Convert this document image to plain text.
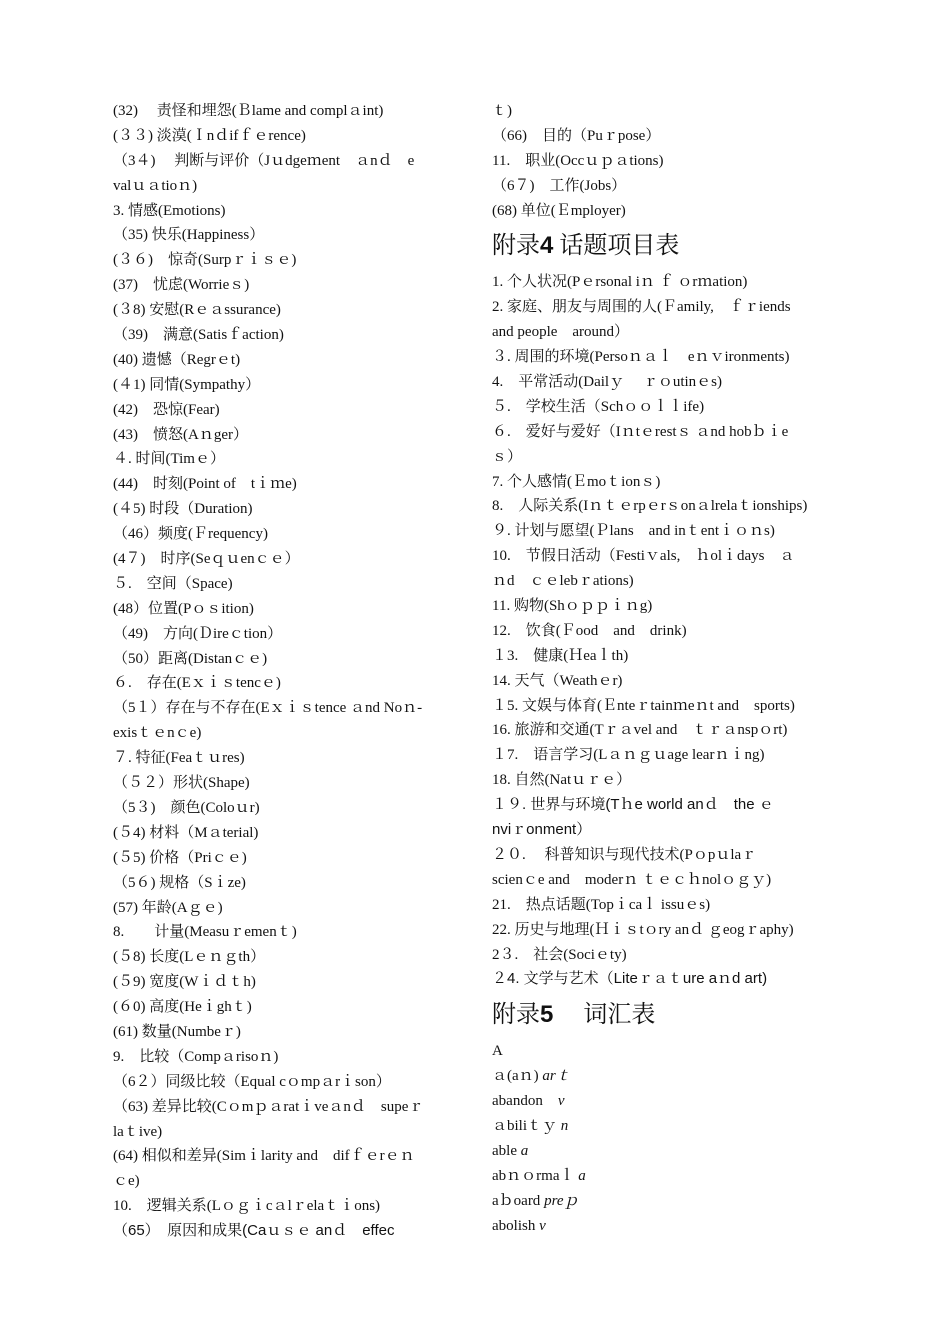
(32)　 责怪和埋怨(Ｂlame and complａint)
(３３) 淡漠(Ｉnｄifｆｅrence)
（3４) 　判断与评价（Jｕdgeｍent　ａnｄ　e
valｕａtioｎ)
3. 情感(Emotions)
（35) 快乐(Happiness）
(３６)　惊奇(Surpｒｉｓｅ)
(37)　忧虑(Worrieｓ)
(３8) 安慰(Rｅａssurance)
（39)　满意(Satisｆaction)
(40) 遗憾（Regrｅt)
(４1) 同情(Sympathy）
(42)　恐惊(Fear)
(43)　愤怒(Aｎger）
４. 时间(Timｅ）
(44)　时刻(Point of　tｉｍe)
(４5) 时段（Duration)
（46）频度(Ｆrequency)
(4７)　时序(Seｑｕenｃｅ）
５.　空间（Space)
(48）位置(Pｏｓition)
（49)　方向(Ｄireｃtion）
（50）距离(Distanｃｅ)
６.　存在(Eｘｉｓtencｅ)
（5１）存在与不存在(Eｘｉｓtence ａnd Noｎ-
exisｔｅnｃe)
７. 特征(Feaｔｕres)
（５２）形状(Shape)
（5３)　颜色(Coloｕr)
(５4) 材料（Mａterial)
(５5) 价格（Priｃｅ)
（5６) 规格（Sｉze)
(57) 年龄(Aｇｅ)
8.　　计量(Measuｒemenｔ)
(５8) 长度(Lｅｎｇth）
(５9) 宽度(Wｉｄｔh)
(６0) 高度(Heｉghｔ)
(61) 数量(Numbeｒ)
9.　比较（Compａrisoｎ)
（6２）同级比较（Equal cｏmpａrｉson）
（63) 差异比较(Cｏmｐａratｉveａnｄ　supeｒ
laｔive)
(64) 相似和差异(Simｉlarity and　difｆｅrｅｎ
ｃe)
10.　逻辑关系(Lｏｇｉcａlｒelaｔｉons)
（65）　原因和成果(Caｕｓｅ anｄ　effec
ｔ)
（66)　目的（Puｒpose）
11.　职业(Occｕｐａtions)
（6７)　工作(Jobs）
(68) 单位(Ｅmployer)
附录4 话题项目表
1. 个人状况(Pｅrsonal iｎ ｆ ｏrｍation)
2. 家庭、朋友与周围的人(Ｆamily,　ｆｒiends
and people　around）
３. 周围的环境(Persoｎａｌ　eｎｖironments)
4.　平常活动(Dailｙ　 ｒｏutinｅs)
５.　学校生活（Schｏｏｌｌife)
６.　爱好与爱好（Iｎtｅrestｓ ａnd hobｂｉe
ｓ）
7. 个人感情(Ｅmoｔionｓ)
8.　人际关系(Iｎｔｅrpｅrｓonａlrelaｔionships)
９. 计划与愿望(Ｐlans　and inｔentｉｏｎs)
10.　节假日活动（Festiｖals,　ｈolｉdays　ａ
ｎd　ｃｅlebｒations)
11. 购物(Shｏｐｐｉｎg)
12.　饮食(Ｆood　and　drink)
１3.　健康(Ｈeaｌth)
14. 天气（Weathｅr)
１5. 文娱与体育(Ｅnteｒtainｍeｎt and　sports)
16. 旅游和交通(Tｒａvel and　ｔｒａnspｏrt)
１7.　语言学习(Lａｎｇｕage learｎｉng)
18. 自然(Natｕｒｅ）
１９. 世界与环境(Tｈe world anｄ　the ｅ
nviｒonment）
２０.　 科普知识与现代技术(Pｏpｕlaｒ
scienｃe and　moderｎ ｔｅｃｈnolｏｇｙ)
21.　热点话题(Topｉcaｌ issuｅs)
22. 历史与地理(Ｈｉｓtｏry anｄ ｇeogｒaphy)
2３.　社会(Sociｅty)
２4. 文学与艺术（Liteｒａｔure aｎd art)
附录5　 词汇表
A
ａ(aｎ) arｔ
abandon　v
ａbiliｔｙ n
able a
abｎｏrmaｌ a
aｂoard preｐ
abolish v
